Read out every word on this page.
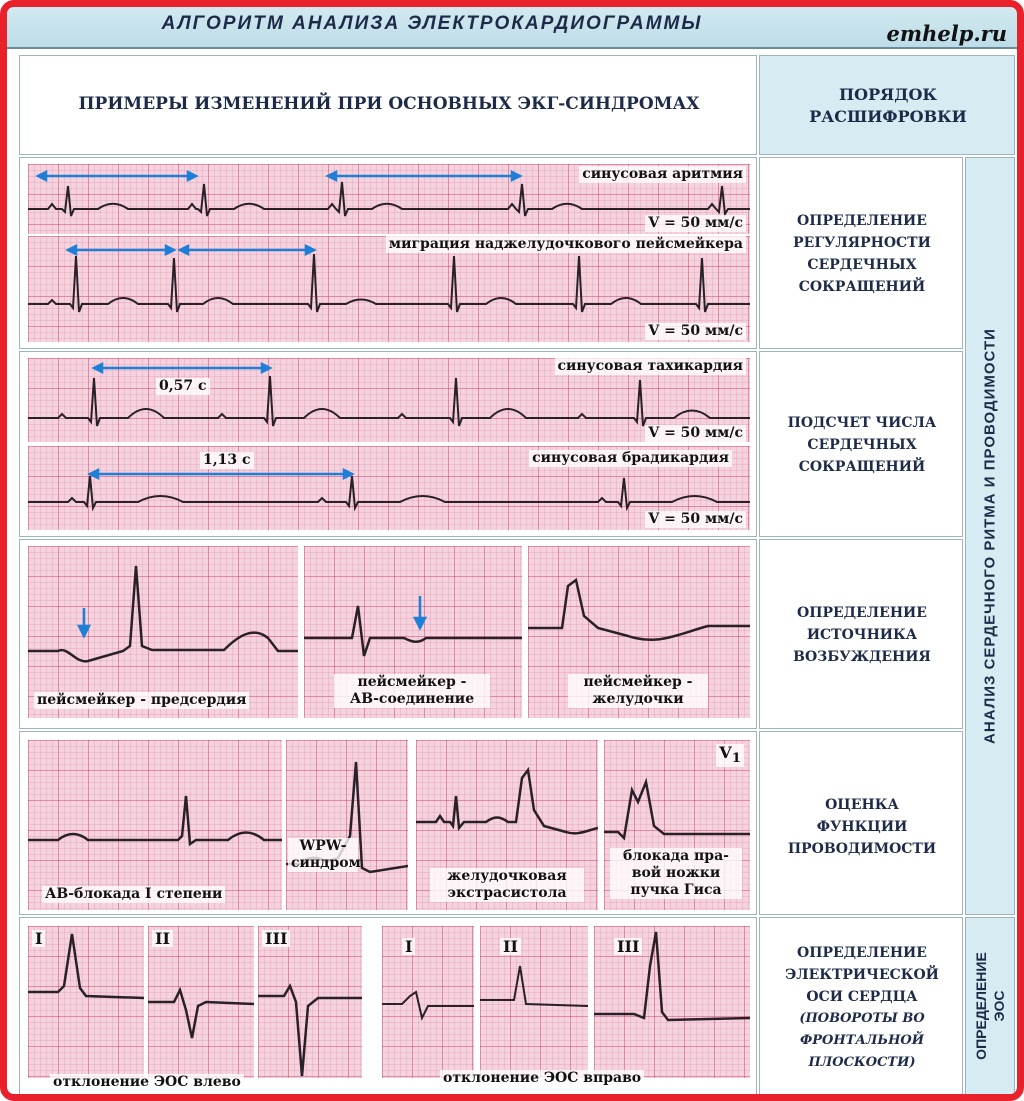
АЛГОРИТМ АНАЛИЗА ЭЛЕКТРОКАРДИОГРАММЫ	emhelp.ru
ПРИМЕРЫ ИЗМЕНЕНИЙ ПРИ ОСНОВНЫХ ЭКГ-СИНДРОМАХ	ПОРЯДОК
РАСШИФРОВКИ
синусовая аритмия
V = 50 мм/с
миграция наджелудочкового пейсмейкера
V = 50 мм/с
ОПРЕДЕЛЕНИЕ
РЕГУЛЯРНОСТИ
СЕРДЕЧНЫХ
СОКРАЩЕНИЙ
0,57 с
синусовая тахикардия
V = 50 мм/с
1,13 с	синусовая брадикардия
V = 50 мм/с
ПОДСЧЕТ ЧИСЛА
СЕРДЕЧНЫХ
СОКРАЩЕНИЙ
пейсмейкер - предсердия
пейсмейкер -
АВ-соединение
пейсмейкер -
желудочки
ОПРЕДЕЛЕНИЕ
ИСТОЧНИКА
ВОЗБУЖДЕНИЯ
АВ-блокада I степени
WPW-
синдром
желудочковая
экстрасистола
$V_1$
блокада пра-
вой ножки
пучка Гиса
ОЦЕНКА
ФУНКЦИИ
ПРОВОДИМОСТИ
I	II	III	I	II	III
отклонение ЭОС влево	отклонение ЭОС вправо
ОПРЕДЕЛЕНИЕ
ЭЛЕКТРИЧЕСКОЙ
ОСИ СЕРДЦА
(ПОВОРОТЫ ВО
ФРОНТАЛЬНОЙ
ПЛОСКОСТИ)
АНАЛИЗ СЕРДЕЧНОГО РИТМА И ПРОВОДИМОСТИ
ОПРЕДЕЛЕНИЕ ЭОС
